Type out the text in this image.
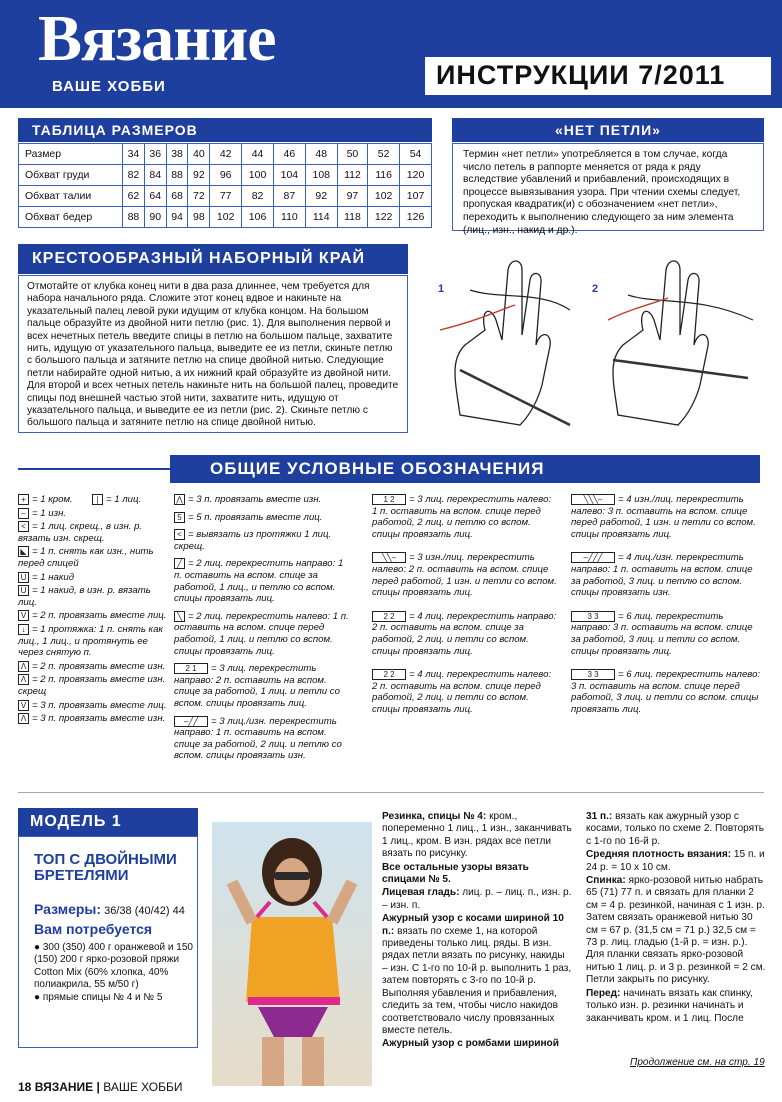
Вязание
ВАШЕ ХОББИ	ИНСТРУКЦИИ 7/2011
ТАБЛИЦА РАЗМЕРОВ
Размер	34	36	38	40	42	44	46	48	50	52	54
Обхват груди	82	84	88	92	96	100	104	108	112	116	120
Обхват талии	62	64	68	72	77	82	87	92	97	102	107
Обхват бедер	88	90	94	98	102	106	110	114	118	122	126
«НЕТ ПЕТЛИ»
Термин «нет петли» употребляется в том случае, когда число петель в раппорте меняется от ряда к ряду вследствие убавлений и прибавлений, происходящих в процессе вывязывания узора. При чтении схемы следует, пропуская квадратик(и) с обозначением «нет петли», переходить к выполнению следующего за ним элемента (лиц., изн., накид и др.).
КРЕСТООБРАЗНЫЙ НАБОРНЫЙ КРАЙ
Отмотайте от клубка конец нити в два раза длиннее, чем требуется для набора начального ряда. Сложите этот конец вдвое и накиньте на указательный палец левой руки идущим от клубка концом. На большом пальце образуйте из двойной нити петлю (рис. 1). Для выполнения первой и всех нечетных петель введите спицы в петлю на большом пальце, захватите нить, идущую от указательного пальца, выведите ее из петли, скиньте петлю с большого пальца и затяните петлю на спице двойной нитью. Следующие петли набирайте одной нитью, а их нижний край образуйте из двойной нити. Для второй и всех четных петель накиньте нить на большой палец, проведите спицы под внешней частью этой нити, захватите нить, идущую от указательного пальца, и выведите ее из петли (рис. 2). Скиньте петлю с большого пальца и затяните петлю на спице двойной нитью.
1	2
ОБЩИЕ УСЛОВНЫЕ ОБОЗНАЧЕНИЯ
+ = 1 кром.
– = 1 изн.
< = 1 лиц. скрещ., в изн. р. вязать изн. скрещ.
◣ = 1 п. снять как изн., нить перед спицей
U = 1 накид
U = 1 накид, в изн. р. вязать лиц.
V = 2 п. провязать вместе лиц.
↓ = 1 протяжка: 1 п. снять как лиц., 1 лиц., и протянуть ее через снятую п.
Λ = 2 п. провязать вместе изн.
Λ = 2 п. провязать вместе изн. скрещ
V = 3 п. провязать вместе лиц.
Λ = 3 п. провязать вместе изн.
| = 1 лиц.	⋀ = 3 п. провязать вместе изн.
5 = 5 п. провязать вместе лиц.
< = вывязать из протяжки 1 лиц. скрещ.
╱ = 2 лиц. перекрестить направо: 1 п. оставить на вспом. спице за работой, 1 лиц., и петлю со вспом. спицы провязать лиц.
╲ = 2 лиц. перекрестить налево: 1 п. оставить на вспом. спице перед работой, 1 лиц. и петлю со вспом. спицы провязать лиц.
2 1 = 3 лиц. перекрестить направо: 2 п. оставить на вспом. спице за работой, 1 лиц. и петли со вспом. спицы провязать лиц.
–╱╱ = 3 лиц./изн. перекрестить направо: 1 п. оставить на вспом. спице за работой, 2 лиц. и петлю со вспом. спицы провязать изн.
1 2 = 3 лиц. перекрестить налево: 1 п. оставить на вспом. спице перед работой, 2 лиц. и петлю со вспом. спицы провязать лиц.
╲╲– = 3 изн./лиц. перекрестить налево: 2 п. оставить на вспом. спице перед работой, 1 изн. и петли со вспом. спицы провязать лиц.
2 2 = 4 лиц. перекрестить направо: 2 п. оставить на вспом. спице за работой, 2 лиц. и петли со вспом. спицы провязать лиц.
2 2 = 4 лиц. перекрестить налево: 2 п. оставить на вспом. спице перед работой, 2 лиц. и петли со вспом. спицы провязать лиц.
╲╲╲– = 4 изн./лиц. перекрестить налево: 3 п. оставить на вспом. спице перед работой, 1 изн. и петли со вспом. спицы провязать лиц.
–╱╱╱ = 4 лиц./изн. перекрестить направо: 1 п. оставить на вспом. спице за работой, 3 лиц. и петлю со вспом. спицы провязать изн.
3 3 = 6 лиц. перекрестить направо: 3 п. оставить на вспом. спице за работой, 3 лиц. и петли со вспом. спицы провязать лиц.
3 3 = 6 лиц. перекрестить налево: 3 п. оставить на вспом. спице перед работой, 3 лиц. и петли со вспом. спицы провязать лиц.
МОДЕЛЬ 1
ТОП С ДВОЙНЫМИ БРЕТЕЛЯМИ
Размеры: 36/38 (40/42) 44
Вам потребуется
● 300 (350) 400 г оранжевой и 150 (150) 200 г ярко-розовой пряжи Cotton Mix (60% хлопка, 40% полиакрила, 55 м/50 г)
● прямые спицы № 4 и № 5
Резинка, спицы № 4: кром., попеременно 1 лиц., 1 изн., заканчивать 1 лиц., кром. В изн. рядах все петли вязать по рисунку.
Все остальные узоры вязать спицами № 5.
Лицевая гладь: лиц. р. – лиц. п., изн. р. – изн. п.
Ажурный узор с косами шириной 10 п.: вязать по схеме 1, на которой приведены только лиц. ряды. В изн. рядах петли вязать по рисунку, накиды – изн. С 1-го по 10-й р. выполнить 1 раз, затем повторять с 3-го по 10-й р. Выполняя убавления и прибавления, следить за тем, чтобы число накидов соответствовало числу провязанных вместе петель.
Ажурный узор с ромбами шириной
31 п.: вязать как ажурный узор с косами, только по схеме 2. Повторять с 1-го по 16-й р.
Средняя плотность вязания: 15 п. и 24 р. = 10 х 10 см.
Спинка: ярко-розовой нитью набрать 65 (71) 77 п. и связать для планки 2 см = 4 р. резинкой, начиная с 1 изн. р. Затем связать оранжевой нитью 30 см = 67 р. (31,5 см = 71 р.) 32,5 см = 73 р. лиц. гладью (1-й р. = изн. р.). Для планки связать ярко-розовой нитью 1 лиц. р. и 3 р. резинкой = 2 см. Петли закрыть по рисунку.
Перед: начинать вязать как спинку, только изн. р. резинки начинать и заканчивать кром. и 1 лиц. После
Продолжение см. на стр. 19
18 ВЯЗАНИЕ | ВАШЕ ХОББИ
